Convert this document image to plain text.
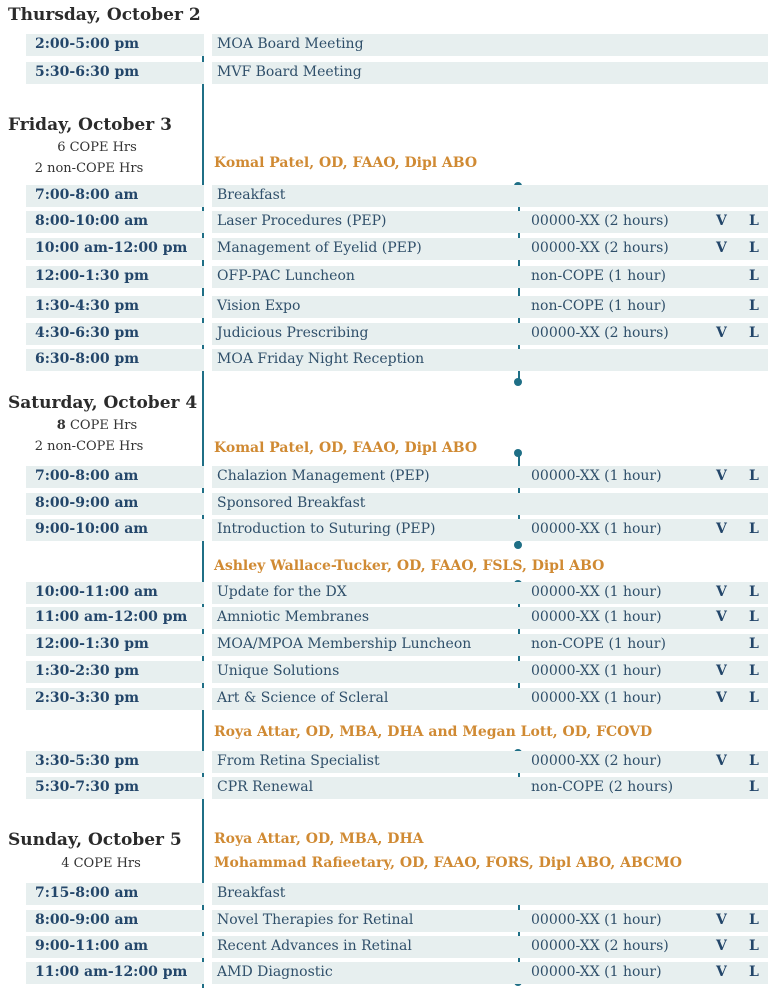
Thursday, October 2
Friday, October 3
6 COPE Hrs
2 non-COPE Hrs	Komal Patel, OD, FAAO, Dipl ABO
Saturday, October 4
8 COPE Hrs
2 non-COPE Hrs	Komal Patel, OD, FAAO, Dipl ABO
Ashley Wallace-Tucker, OD, FAAO, FSLS, Dipl ABO
Roya Attar, OD, MBA, DHA and Megan Lott, OD, FCOVD
Sunday, October 5
4 COPE Hrs
Roya Attar, OD, MBA, DHA
Mohammad Rafieetary, OD, FAAO, FORS, Dipl ABO, ABCMO
2:00-5:00 pm	MOA Board Meeting
5:30-6:30 pm	MVF Board Meeting
7:00-8:00 am	Breakfast
8:00-10:00 am	Laser Procedures (PEP)	00000-XX (2 hours)	V L
10:00 am-12:00 pm Management of Eyelid (PEP)	00000-XX (2 hours)	V L
12:00-1:30 pm	OFP-PAC Luncheon	non-COPE (1 hour)	L
1:30-4:30 pm	Vision Expo	non-COPE (1 hour)	L
4:30-6:30 pm	Judicious Prescribing	00000-XX (2 hours)	V L
6:30-8:00 pm	MOA Friday Night Reception
7:00-8:00 am	Chalazion Management (PEP)	00000-XX (1 hour)	V L
8:00-9:00 am	Sponsored Breakfast
9:00-10:00 am	Introduction to Suturing (PEP)	00000-XX (1 hour)	V L
10:00-11:00 am	Update for the DX	00000-XX (1 hour)	V L
11:00 am-12:00 pm Amniotic Membranes	00000-XX (1 hour)	V L
12:00-1:30 pm	MOA/MPOA Membership Luncheon	non-COPE (1 hour)	L
1:30-2:30 pm	Unique Solutions	00000-XX (1 hour)	V L
2:30-3:30 pm	Art & Science of Scleral	00000-XX (1 hour)	V L
3:30-5:30 pm	From Retina Specialist	00000-XX (2 hour)	V L
5:30-7:30 pm	CPR Renewal	non-COPE (2 hours)	L
7:15-8:00 am	Breakfast
8:00-9:00 am	Novel Therapies for Retinal	00000-XX (1 hour)	V L
9:00-11:00 am	Recent Advances in Retinal	00000-XX (2 hours)	V L
11:00 am-12:00 pm AMD Diagnostic	00000-XX (1 hour)	V L
